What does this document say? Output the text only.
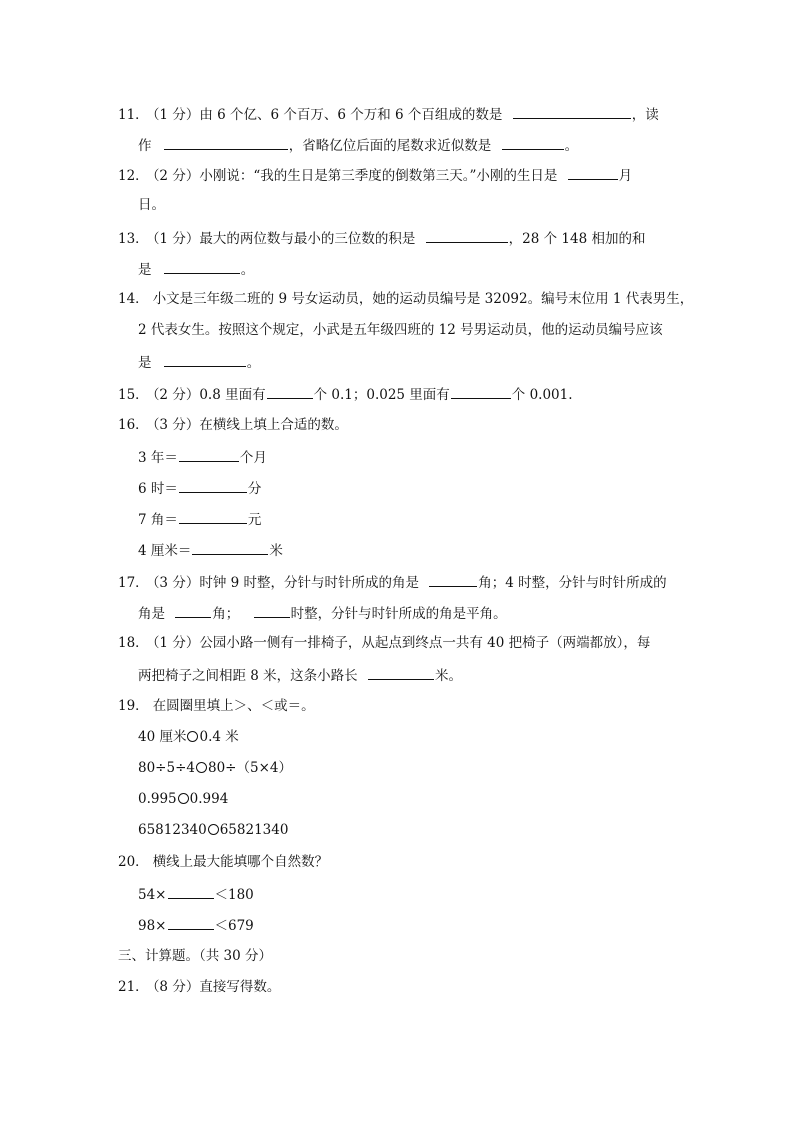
11． （1 分）由 6 个亿、6 个百万、6 个万和 6 个百组成的数是	，读
作	，省略亿位后面的尾数求近似数是	。
12． （2 分）小刚说：“我的生日是第三季度的倒数第三天。”小刚的生日是	月
日。
13． （1 分）最大的两位数与最小的三位数的积是	，28 个 148 相加的和
是	。
14． 小文是三年级二班的 9 号女运动员，她的运动员编号是 32092。编号末位用 1 代表男生，
2 代表女生。按照这个规定，小武是五年级四班的 12 号男运动员，他的运动员编号应该
是	。
15． （2 分）0.8 里面有	个 0.1；0.025 里面有	个 0.001.
16． （3 分）在横线上填上合适的数。
3 年＝	个月
6 时＝	分
7 角＝	元
4 厘米＝	米
17． （3 分）时钟 9 时整，分针与时针所成的角是	角；4 时整，分针与时针所成的
角是	角；	时整，分针与时针所成的角是平角。
18． （1 分）公园小路一侧有一排椅子，从起点到终点一共有 40 把椅子（两端都放），每
两把椅子之间相距 8 米，这条小路长	米。
19． 在圆圈里填上＞、＜或＝。
40 厘米 0.4 米
80÷5÷4 80÷（5×4）
0.995 0.994
65812340 65821340
20． 横线上最大能填哪个自然数？
54×	＜180
98×	＜679
三、计算题。（共 30 分）
21． （8 分）直接写得数。
